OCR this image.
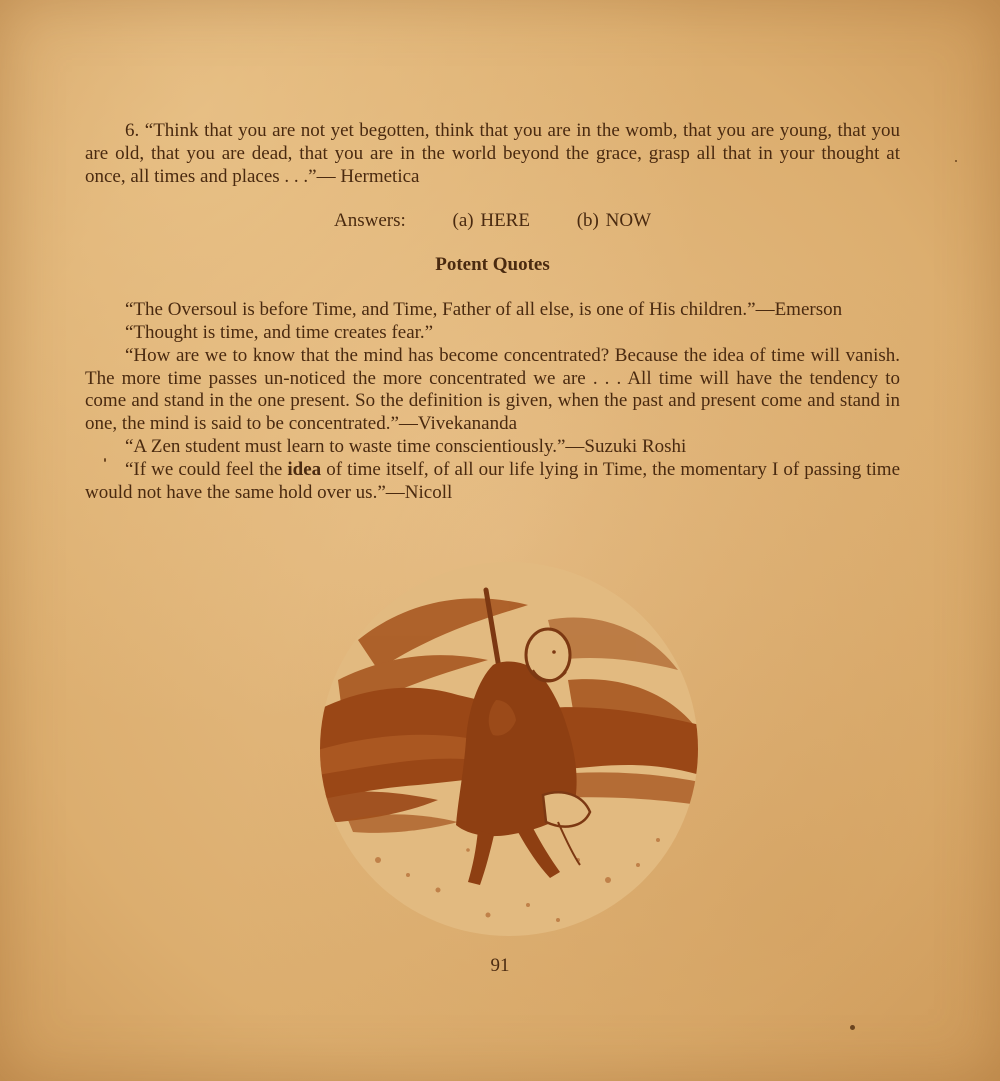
6. “Think that you are not yet begotten, think that you are in the womb, that you are young, that you are old, that you are dead, that you are in the world beyond the grace, grasp all that in your thought at once, all times and places . . .”— Hermetica

Answers: (a) HERE (b) NOW
Potent Quotes

“The Oversoul is before Time, and Time, Father of all else, is one of His children.”—Emerson

“Thought is time, and time creates fear.”

“How are we to know that the mind has become concentrated? Because the idea of time will vanish. The more time passes un-noticed the more concentrated we are . . . All time will have the tendency to come and stand in the one present. So the definition is given, when the past and present come and stand in one, the mind is said to be concentrated.”—Vivekananda

“A Zen student must learn to waste time conscientiously.”—Suzuki Roshi

“If we could feel the idea of time itself, of all our life lying in Time, the momentary I of passing time would not have the same hold over us.”—Nicoll

91
